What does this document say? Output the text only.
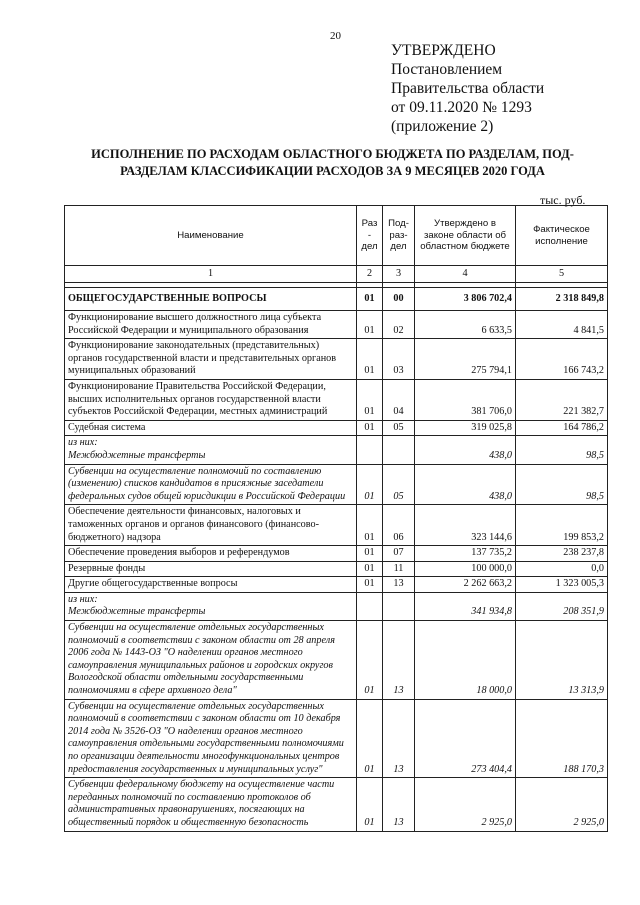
20
УТВЕРЖДЕНО
Постановлением
Правительства области
от 09.11.2020 № 1293
(приложение 2)
ИСПОЛНЕНИЕ ПО РАСХОДАМ ОБЛАСТНОГО БЮДЖЕТА ПО РАЗДЕЛАМ, ПОД-
РАЗДЕЛАМ КЛАССИФИКАЦИИ РАСХОДОВ ЗА 9 МЕСЯЦЕВ 2020 ГОДА
тыс. руб.
Наименование	Раз - дел	Под- раз- дел	Утверждено в законе области об областном бюджете	Фактическое исполнение
1	2	3	4	5

ОБЩЕГОСУДАРСТВЕННЫЕ ВОПРОСЫ	01	00	3 806 702,4	2 318 849,8
Функционирование высшего должностного лица субъекта Российской Федерации и муниципального образования	01	02	6 633,5	4 841,5
Функционирование законодательных (представительных) органов государственной власти и представительных органов муниципальных образований	01	03	275 794,1	166 743,2
Функционирование Правительства Российской Федерации, высших исполнительных органов государственной власти субъектов Российской Федерации, местных администраций	01	04	381 706,0	221 382,7
Судебная система	01	05	319 025,8	164 786,2

из них:
Межбюджетные трансферты			438,0	98,5
Субвенции на осуществление полномочий по составлению (изменению) списков кандидатов в присяжные заседатели федеральных судов общей юрисдикции в Российской Федерации	01	05	438,0	98,5
Обеспечение деятельности финансовых, налоговых и таможенных органов и органов финансового (финансово-бюджетного) надзора	01	06	323 144,6	199 853,2
Обеспечение проведения выборов и референдумов	01	07	137 735,2	238 237,8
Резервные фонды	01	11	100 000,0	0,0
Другие общегосударственные вопросы	01	13	2 262 663,2	1 323 005,3

из них:
Межбюджетные трансферты			341 934,8	208 351,9
Субвенции на осуществление отдельных государственных полномочий в соответствии с законом области от 28 апреля 2006 года № 1443-ОЗ "О наделении органов местного самоуправления муниципальных районов и городских округов Вологодской области отдельными государственными полномочиями в сфере архивного дела"	01	13	18 000,0	13 313,9
Субвенции на осуществление отдельных государственных полномочий в соответствии с законом области от 10 декабря 2014 года № 3526-ОЗ "О наделении органов местного самоуправления отдельными государственными полномочиями по организации деятельности многофункциональных центров предоставления государственных и муниципальных услуг"	01	13	273 404,4	188 170,3
Субвенции федеральному бюджету на осуществление части переданных полномочий по составлению протоколов об административных правонарушениях, посягающих на общественный порядок и общественную безопасность	01	13	2 925,0	2 925,0
